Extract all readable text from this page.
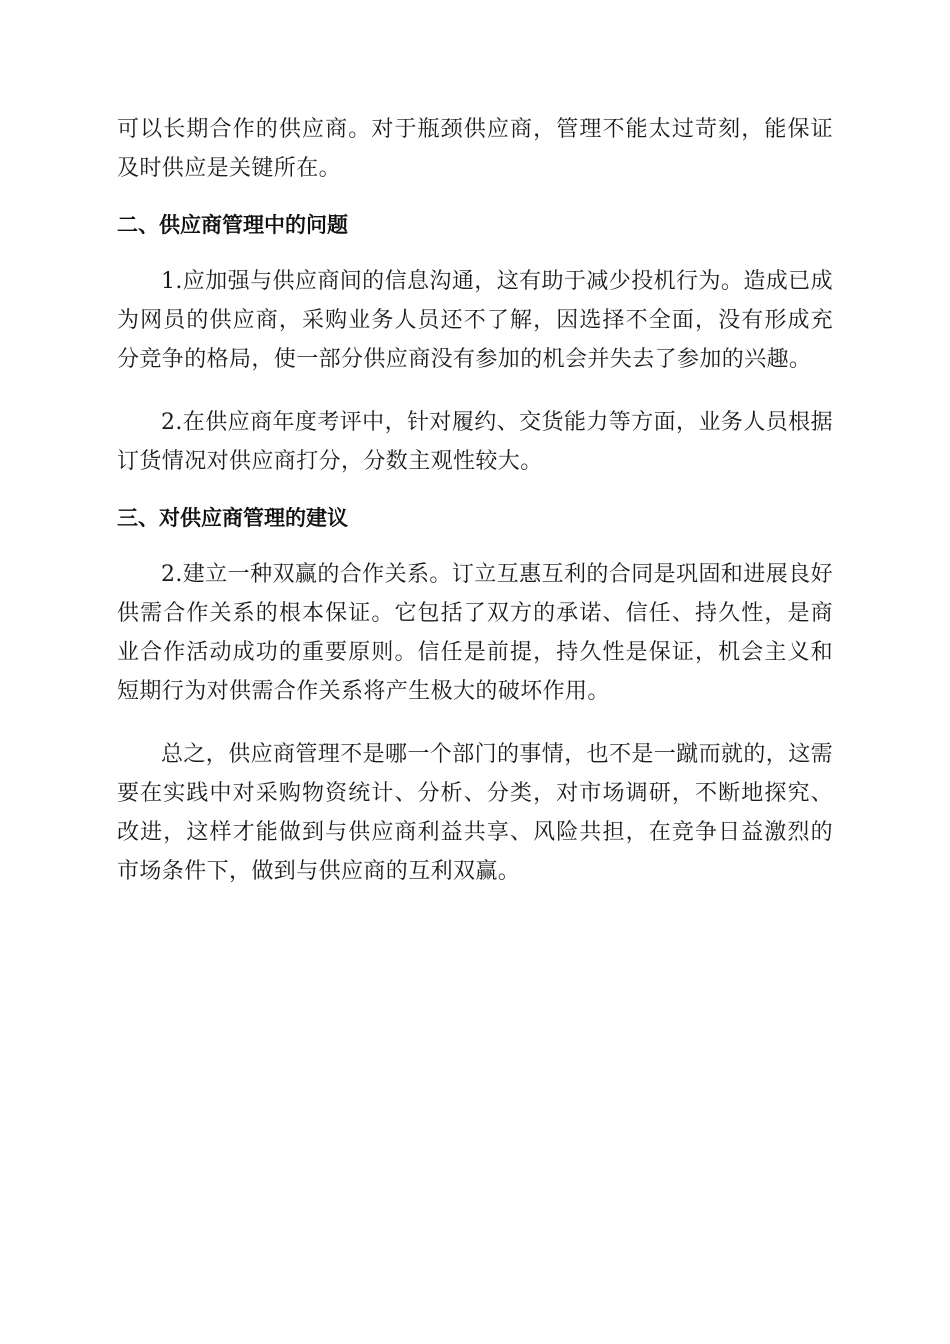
可以长期合作的供应商。对于瓶颈供应商，管理不能太过苛刻，能保证及时供应是关键所在。

二、供应商管理中的问题

1.应加强与供应商间的信息沟通，这有助于减少投机行为。造成已成为网员的供应商，采购业务人员还不了解，因选择不全面，没有形成充分竞争的格局，使一部分供应商没有参加的机会并失去了参加的兴趣。

2.在供应商年度考评中，针对履约、交货能力等方面，业务人员根据订货情况对供应商打分，分数主观性较大。

三、对供应商管理的建议

2.建立一种双赢的合作关系。订立互惠互利的合同是巩固和进展良好供需合作关系的根本保证。它包括了双方的承诺、信任、持久性，是商业合作活动成功的重要原则。信任是前提，持久性是保证，机会主义和短期行为对供需合作关系将产生极大的破坏作用。

总之，供应商管理不是哪一个部门的事情，也不是一蹴而就的，这需要在实践中对采购物资统计、分析、分类，对市场调研，不断地探究、改进，这样才能做到与供应商利益共享、风险共担，在竞争日益激烈的市场条件下，做到与供应商的互利双赢。
